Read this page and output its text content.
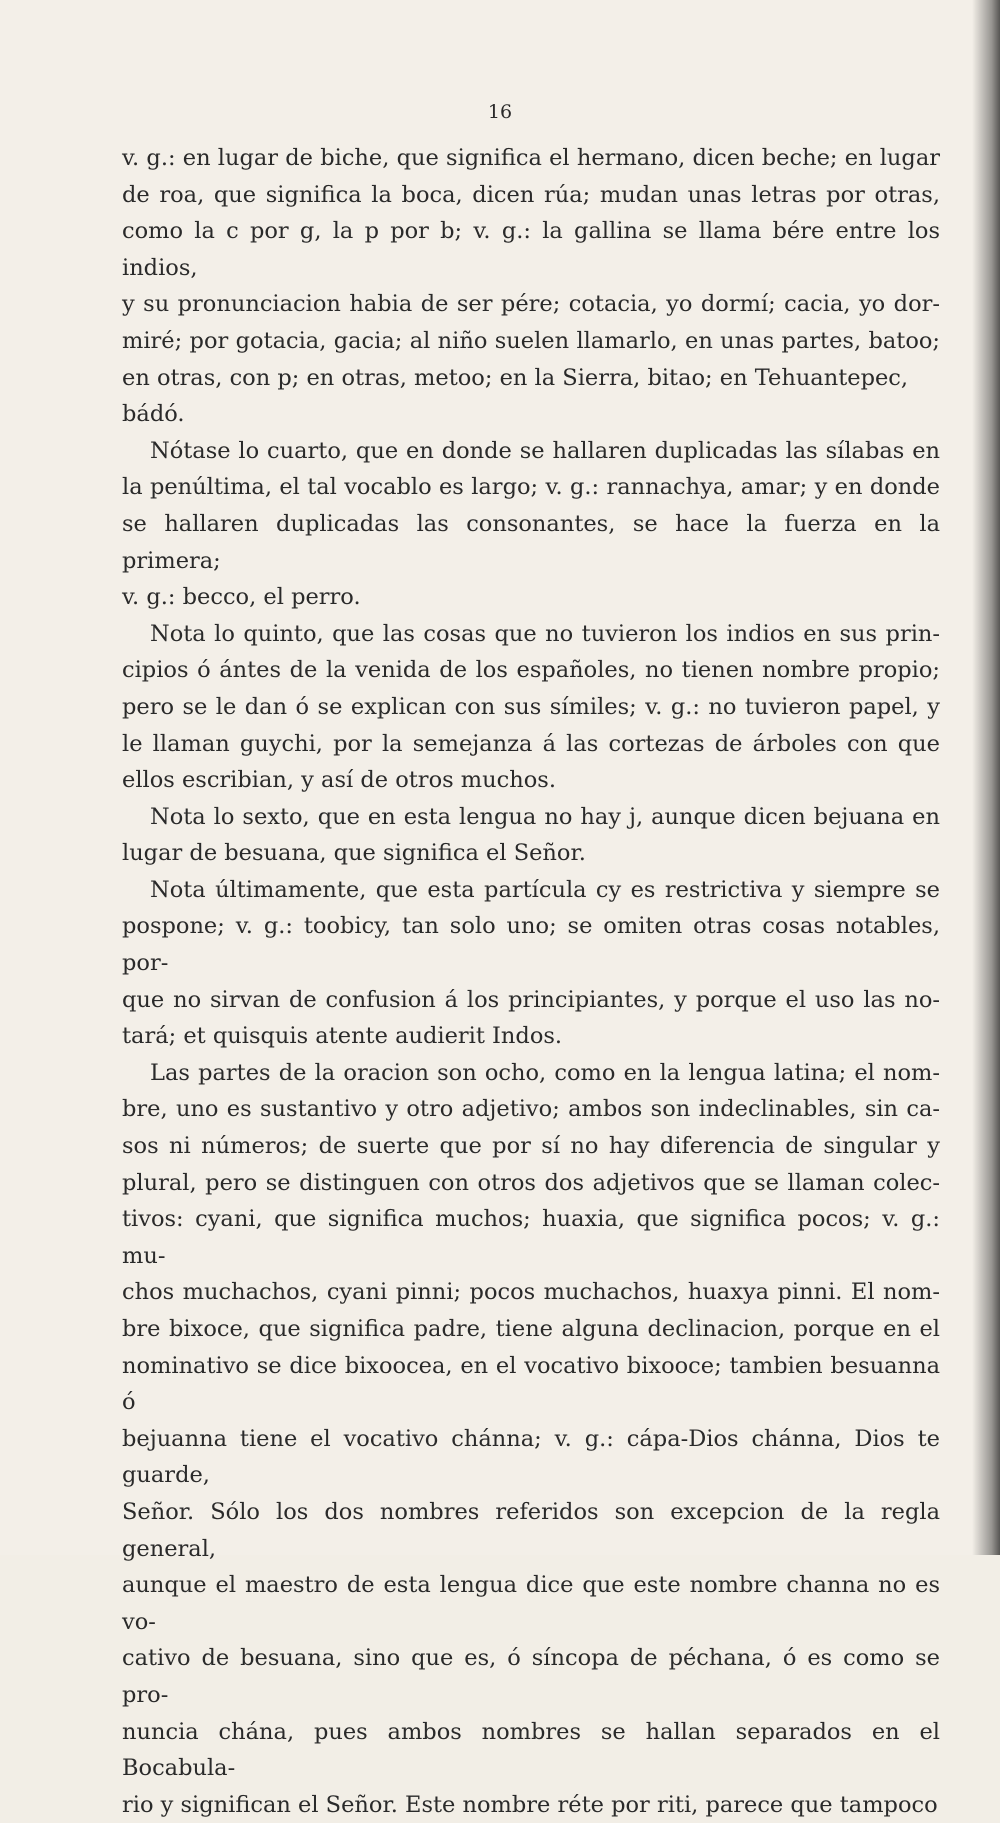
16

v. g.: en lugar de biche, que significa el hermano, dicen beche; en lugar
de roa, que significa la boca, dicen rúa; mudan unas letras por otras,
como la c por g, la p por b; v. g.: la gallina se llama bére entre los indios,
y su pronunciacion habia de ser pére; cotacia, yo dormí; cacia, yo dor-
miré; por gotacia, gacia; al niño suelen llamarlo, en unas partes, batoo;
en otras, con p; en otras, metoo; en la Sierra, bitao; en Tehuantepec, bádó.

Nótase lo cuarto, que en donde se hallaren duplicadas las sílabas en
la penúltima, el tal vocablo es largo; v. g.: rannachya, amar; y en donde
se hallaren duplicadas las consonantes, se hace la fuerza en la primera;
v. g.: becco, el perro.

Nota lo quinto, que las cosas que no tuvieron los indios en sus prin-
cipios ó ántes de la venida de los españoles, no tienen nombre propio;
pero se le dan ó se explican con sus símiles; v. g.: no tuvieron papel, y
le llaman guychi, por la semejanza á las cortezas de árboles con que
ellos escribian, y así de otros muchos.

Nota lo sexto, que en esta lengua no hay j, aunque dicen bejuana en
lugar de besuana, que significa el Señor.

Nota últimamente, que esta partícula cy es restrictiva y siempre se
pospone; v. g.: toobicy, tan solo uno; se omiten otras cosas notables, por-
que no sirvan de confusion á los principiantes, y porque el uso las no-
tará; et quisquis atente audierit Indos.

Las partes de la oracion son ocho, como en la lengua latina; el nom-
bre, uno es sustantivo y otro adjetivo; ambos son indeclinables, sin ca-
sos ni números; de suerte que por sí no hay diferencia de singular y
plural, pero se distinguen con otros dos adjetivos que se llaman colec-
tivos: cyani, que significa muchos; huaxia, que significa pocos; v. g.: mu-
chos muchachos, cyani pinni; pocos muchachos, huaxya pinni. El nom-
bre bixoce, que significa padre, tiene alguna declinacion, porque en el
nominativo se dice bixoocea, en el vocativo bixooce; tambien besuanna ó
bejuanna tiene el vocativo chánna; v. g.: cápa-Dios chánna, Dios te guarde,
Señor. Sólo los dos nombres referidos son excepcion de la regla general,
aunque el maestro de esta lengua dice que este nombre channa no es vo-
cativo de besuana, sino que es, ó síncopa de péchana, ó es como se pro-
nuncia chána, pues ambos nombres se hallan separados en el Bocabula-
rio y significan el Señor. Este nombre réte por riti, parece que tampoco
